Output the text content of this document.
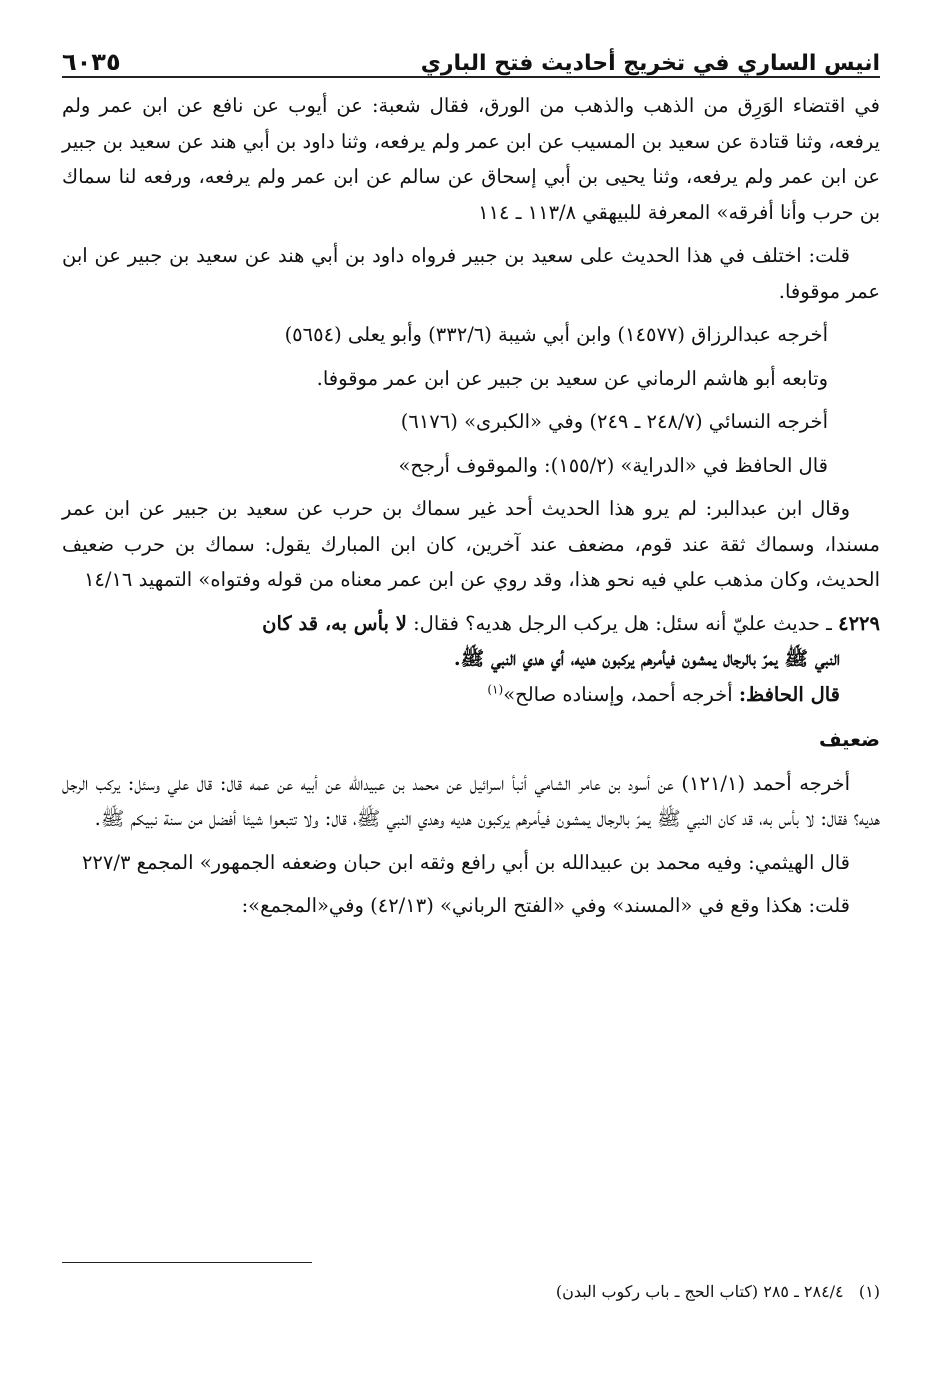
انيس الساري في تخريج أحاديث فتح الباري
٦٠٣٥

في اقتضاء الوَرِق من الذهب والذهب من الورق، فقال شعبة: عن أيوب عن نافع عن ابن عمر ولم يرفعه، وثنا قتادة عن سعيد بن المسيب عن ابن عمر ولم يرفعه، وثنا داود بن أبي هند عن سعيد بن جبير عن ابن عمر ولم يرفعه، وثنا يحيى بن أبي إسحاق عن سالم عن ابن عمر ولم يرفعه، ورفعه لنا سماك بن حرب وأنا أفرقه» المعرفة للبيهقي ١١٣/٨ ـ ١١٤

قلت: اختلف في هذا الحديث على سعيد بن جبير فرواه داود بن أبي هند عن سعيد بن جبير عن ابن عمر موقوفا.

أخرجه عبدالرزاق (١٤٥٧٧) وابن أبي شيبة (٣٣٢/٦) وأبو يعلى (٥٦٥٤)

وتابعه أبو هاشم الرماني عن سعيد بن جبير عن ابن عمر موقوفا.

أخرجه النسائي (٢٤٨/٧ ـ ٢٤٩) وفي «الكبرى» (٦١٧٦)

قال الحافظ في «الدراية» (١٥٥/٢): والموقوف أرجح»

وقال ابن عبدالبر: لم يرو هذا الحديث أحد غير سماك بن حرب عن سعيد بن جبير عن ابن عمر مسندا، وسماك ثقة عند قوم، مضعف عند آخرين، كان ابن المبارك يقول: سماك بن حرب ضعيف الحديث، وكان مذهب علي فيه نحو هذا، وقد روي عن ابن عمر معناه من قوله وفتواه» التمهيد ١٤/١٦

٤٢٢٩ ـ حديث عليّ أنه سئل: هل يركب الرجل هديه؟ فقال: لا بأس به، قد كان
النبي ﷺ يمرّ بالرجال يمشون فيأمرهم يركبون هديه، أي هدي النبي ﷺ.
قال الحافظ: أخرجه أحمد، وإسناده صالح»$^{(١)}$
ضعيف

أخرجه أحمد (١٢١/١) عن أسود بن عامر الشامي أنبأ اسرائيل عن محمد بن عبيدالله عن أبيه عن عمه قال: قال علي وسئل: يركب الرجل هديه؟ فقال: لا بأس به، قد كان النبي ﷺ يمرّ بالرجال يمشون فيأمرهم يركبون هديه وهدي النبي ﷺ، قال: ولا تتبعوا شيئا أفضل من سنة نبيكم ﷺ.

قال الهيثمي: وفيه محمد بن عبيدالله بن أبي رافع وثقه ابن حبان وضعفه الجمهور» المجمع ٢٢٧/٣

قلت: هكذا وقع في «المسند» وفي «الفتح الرباني» (٤٢/١٣) وفي«المجمع»:

(١)   ٢٨٤/٤ ـ ٢٨٥ (كتاب الحج ـ باب ركوب البدن)
